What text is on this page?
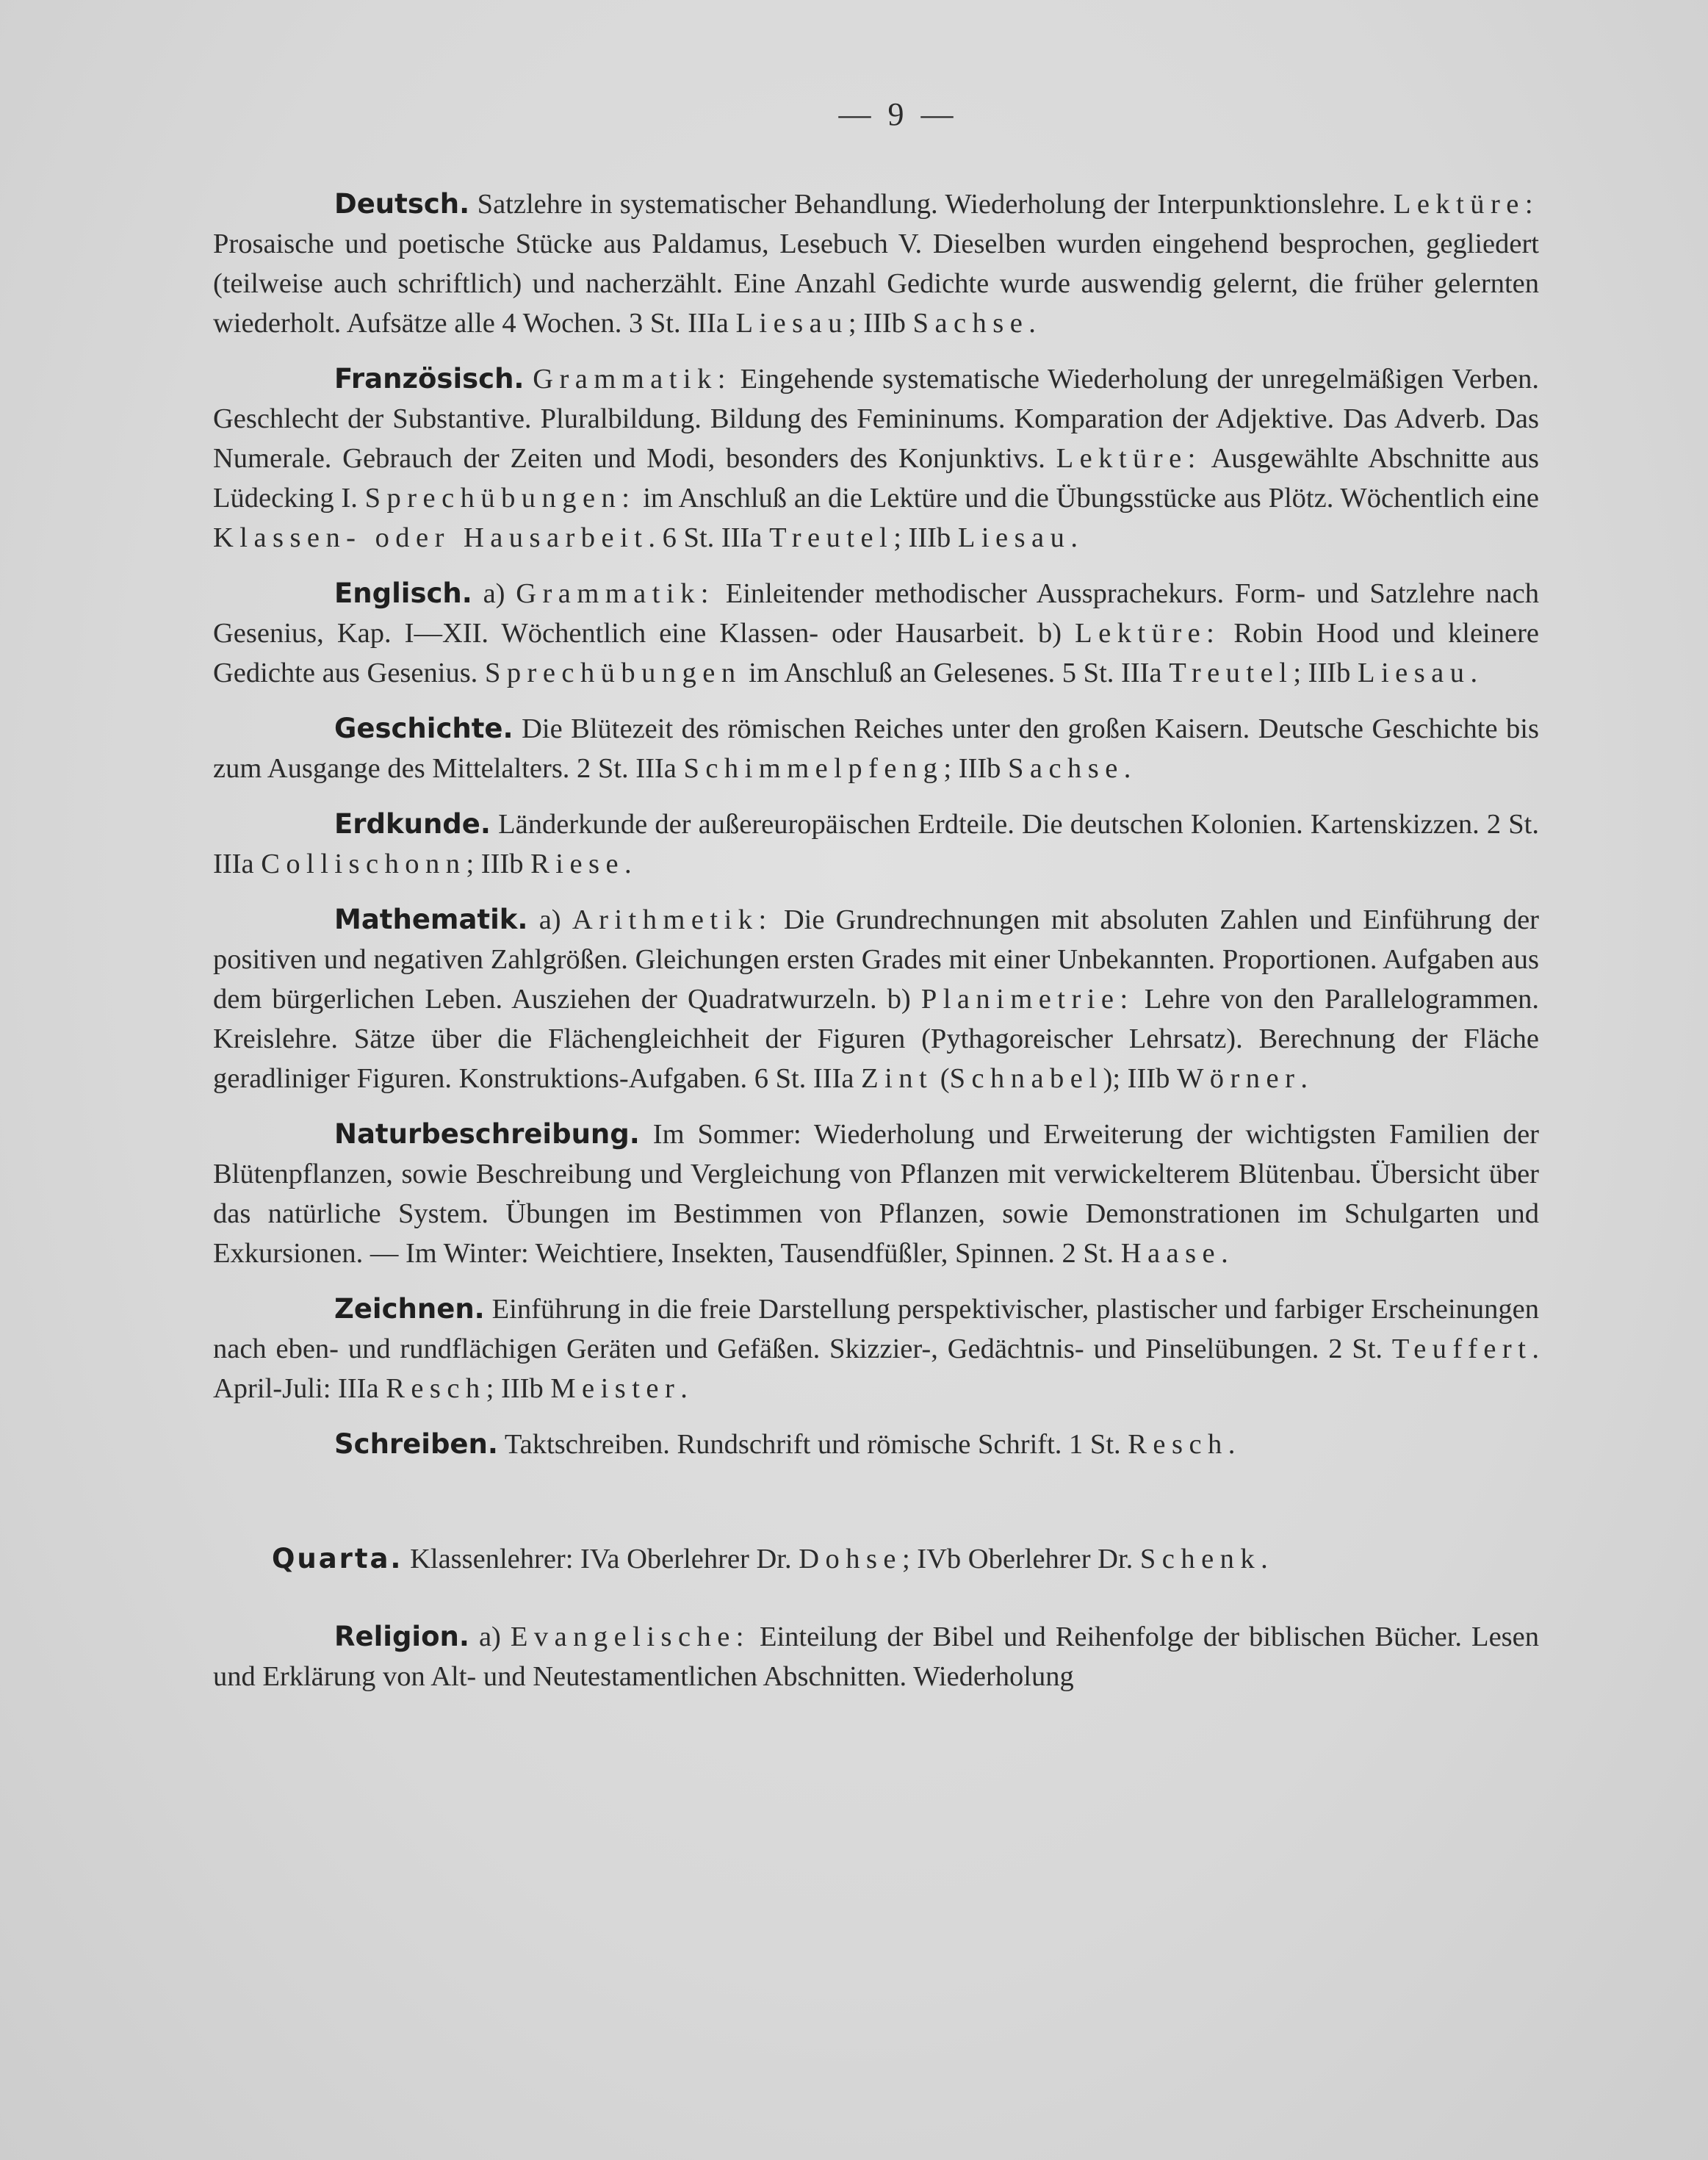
— 9 —

Deutsch. Satzlehre in systematischer Behandlung. Wiederholung der Interpunktionslehre. Lektüre: Prosaische und poetische Stücke aus Paldamus, Lesebuch V. Dieselben wurden eingehend besprochen, gegliedert (teilweise auch schriftlich) und nacherzählt. Eine Anzahl Gedichte wurde auswendig gelernt, die früher gelernten wiederholt. Aufsätze alle 4 Wochen. 3 St. IIIa Liesau; IIIb Sachse.

Französisch. Grammatik: Eingehende systematische Wiederholung der unregelmäßigen Verben. Geschlecht der Substantive. Pluralbildung. Bildung des Femininums. Komparation der Adjektive. Das Adverb. Das Numerale. Gebrauch der Zeiten und Modi, besonders des Konjunktivs. Lektüre: Ausgewählte Abschnitte aus Lüdecking I. Sprechübungen: im Anschluß an die Lektüre und die Übungsstücke aus Plötz. Wöchentlich eine Klassen- oder Hausarbeit. 6 St. IIIa Treutel; IIIb Liesau.

Englisch. a) Grammatik: Einleitender methodischer Aussprachekurs. Form- und Satzlehre nach Gesenius, Kap. I—XII. Wöchentlich eine Klassen- oder Hausarbeit. b) Lektüre: Robin Hood und kleinere Gedichte aus Gesenius. Sprechübungen im Anschluß an Gelesenes. 5 St. IIIa Treutel; IIIb Liesau.

Geschichte. Die Blütezeit des römischen Reiches unter den großen Kaisern. Deutsche Geschichte bis zum Ausgange des Mittelalters. 2 St. IIIa Schimmelpfeng; IIIb Sachse.

Erdkunde. Länderkunde der außereuropäischen Erdteile. Die deutschen Kolonien. Kartenskizzen. 2 St. IIIa Collischonn; IIIb Riese.

Mathematik. a) Arithmetik: Die Grundrechnungen mit absoluten Zahlen und Einführung der positiven und negativen Zahlgrößen. Gleichungen ersten Grades mit einer Unbekannten. Proportionen. Aufgaben aus dem bürgerlichen Leben. Ausziehen der Quadratwurzeln. b) Planimetrie: Lehre von den Parallelogrammen. Kreislehre. Sätze über die Flächengleichheit der Figuren (Pythagoreischer Lehrsatz). Berechnung der Fläche geradliniger Figuren. Konstruktions-Aufgaben. 6 St. IIIa Zint (Schnabel); IIIb Wörner.

Naturbeschreibung. Im Sommer: Wiederholung und Erweiterung der wichtigsten Familien der Blütenpflanzen, sowie Beschreibung und Vergleichung von Pflanzen mit verwickelterem Blütenbau. Übersicht über das natürliche System. Übungen im Bestimmen von Pflanzen, sowie Demonstrationen im Schulgarten und Exkursionen. — Im Winter: Weichtiere, Insekten, Tausendfüßler, Spinnen. 2 St. Haase.

Zeichnen. Einführung in die freie Darstellung perspektivischer, plastischer und farbiger Erscheinungen nach eben- und rundflächigen Geräten und Gefäßen. Skizzier-, Gedächtnis- und Pinselübungen. 2 St. Teuffert. April-Juli: IIIa Resch; IIIb Meister.

Schreiben. Taktschreiben. Rundschrift und römische Schrift. 1 St. Resch.

Quarta. Klassenlehrer: IVa Oberlehrer Dr. Dohse; IVb Oberlehrer Dr. Schenk.

Religion. a) Evangelische: Einteilung der Bibel und Reihenfolge der biblischen Bücher. Lesen und Erklärung von Alt- und Neutestamentlichen Abschnitten. Wiederholung
